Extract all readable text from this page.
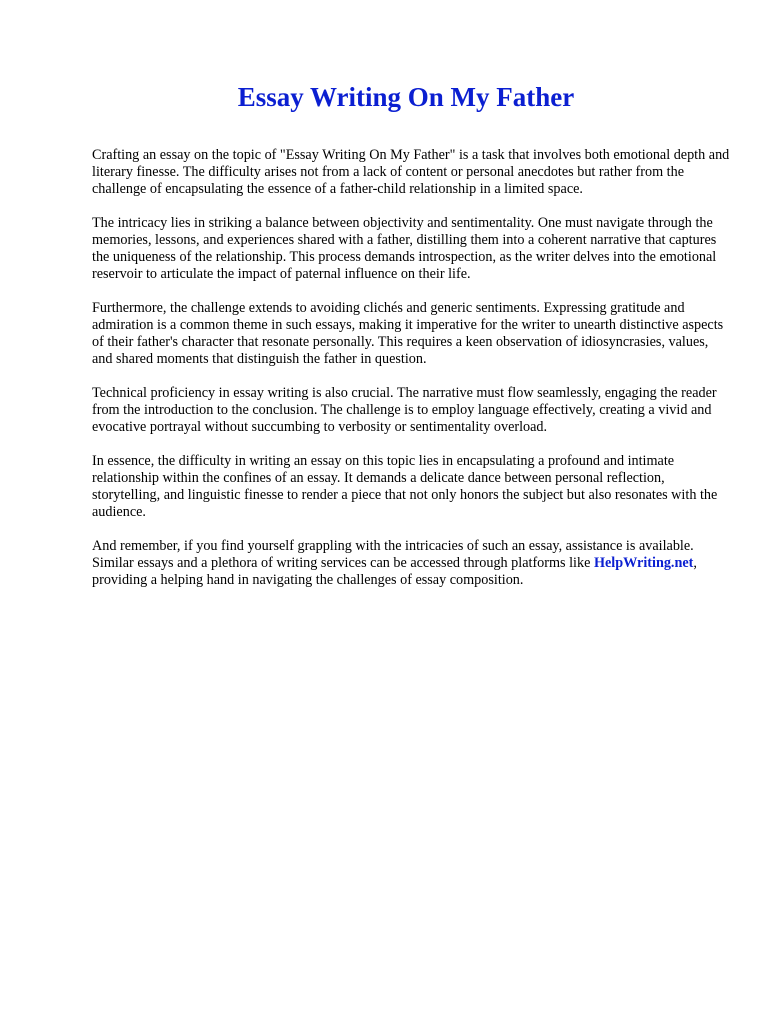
Essay Writing On My Father

Crafting an essay on the topic of "Essay Writing On My Father" is a task that involves both emotional depth and literary finesse. The difficulty arises not from a lack of content or personal anecdotes but rather from the challenge of encapsulating the essence of a father-child relationship in a limited space.

The intricacy lies in striking a balance between objectivity and sentimentality. One must navigate through the memories, lessons, and experiences shared with a father, distilling them into a coherent narrative that captures the uniqueness of the relationship. This process demands introspection, as the writer delves into the emotional reservoir to articulate the impact of paternal influence on their life.

Furthermore, the challenge extends to avoiding clichés and generic sentiments. Expressing gratitude and admiration is a common theme in such essays, making it imperative for the writer to unearth distinctive aspects of their father's character that resonate personally. This requires a keen observation of idiosyncrasies, values, and shared moments that distinguish the father in question.

Technical proficiency in essay writing is also crucial. The narrative must flow seamlessly, engaging the reader from the introduction to the conclusion. The challenge is to employ language effectively, creating a vivid and evocative portrayal without succumbing to verbosity or sentimentality overload.

In essence, the difficulty in writing an essay on this topic lies in encapsulating a profound and intimate relationship within the confines of an essay. It demands a delicate dance between personal reflection, storytelling, and linguistic finesse to render a piece that not only honors the subject but also resonates with the audience.

And remember, if you find yourself grappling with the intricacies of such an essay, assistance is available. Similar essays and a plethora of writing services can be accessed through platforms like HelpWriting.net, providing a helping hand in navigating the challenges of essay composition.
